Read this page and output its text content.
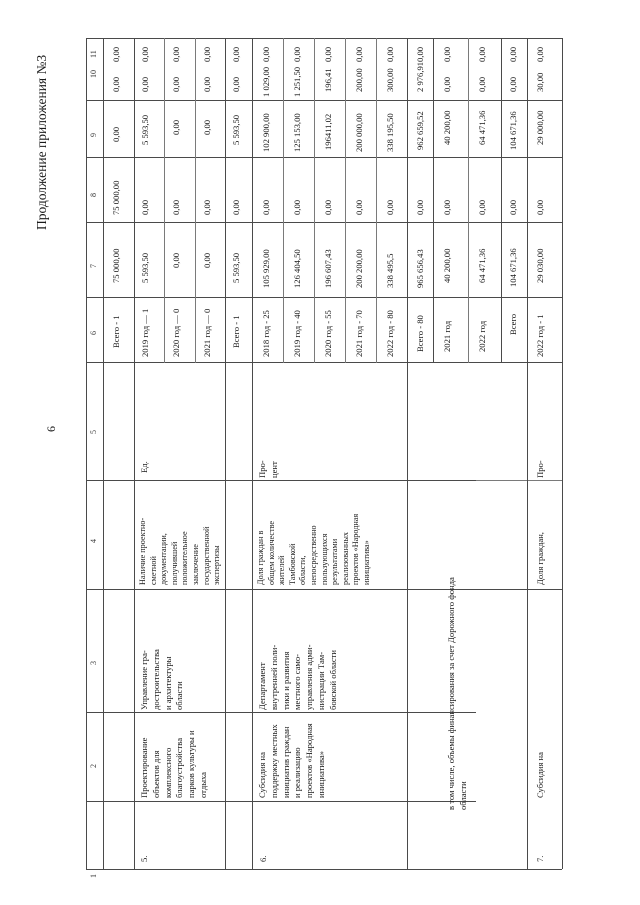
6
Продолжение приложения №3
1
2
3
4
5
6
7
8
9
10
11
Всего - 1
75 000,00
75 000,00
0,00
0,00
0,00
5.
Проектирование объектов для комплексного благоустройства парков культуры и отдыха
Управление гра- достроительства и архитектуры области
Наличие проектно- сметной документации, получившей положительное заключение государственной экспертизы
Ед.
2019 год — 1
5 593,50
0,00
5 593,50
0,00
0,00
2020 год — 0
0,00
0,00
0,00
0,00
0,00
2021 год — 0
0,00
0,00
0,00
0,00
0,00
Всего - 1
5 593,50
0,00
5 593,50
0,00
0,00
6.
Субсидия на поддержку местных инициатив граждан и реализацию проектов «Народная инициатива»
Департамент внутренней поли- тики и развития местного само- управления адми- нистрации Там- бовской области
Доля граждан в общем количестве жителей Тамбовской области, непосредственно пользующихся результатами реализованных проектов «Народная инициатива»
Про- цент
2018 год - 25
105 929,00
0,00
102 900,00
1 029,00
0,00
2019 год - 40
126 404,50
0,00
125 153,00
1 251,50
0,00
2020 год - 55
196 607,43
0,00
196411,02
196,41
0,00
2021 год - 70
200 200,00
0,00
200 000,00
200,00
0,00
2022 год - 80
338 495,5
0,00
338 195,50
300,00
0,00
Всего - 80
965 656,43
0,00
962 659,52
2 976,91
0,00
в том числе, объемы финансирования за счет Дорожного фонда области
2021 год
40 200,00
0,00
40 200,00
0,00
0,00
2022 год
64 471,36
0,00
64 471,36
0,00
0,00
Всего
104 671,36
0,00
104 671,36
0,00
0,00
7.
Субсидия на
Доля граждан,
Про-
2022 год - 1
29 030,00
0,00
29 000,00
30,00
0,00
